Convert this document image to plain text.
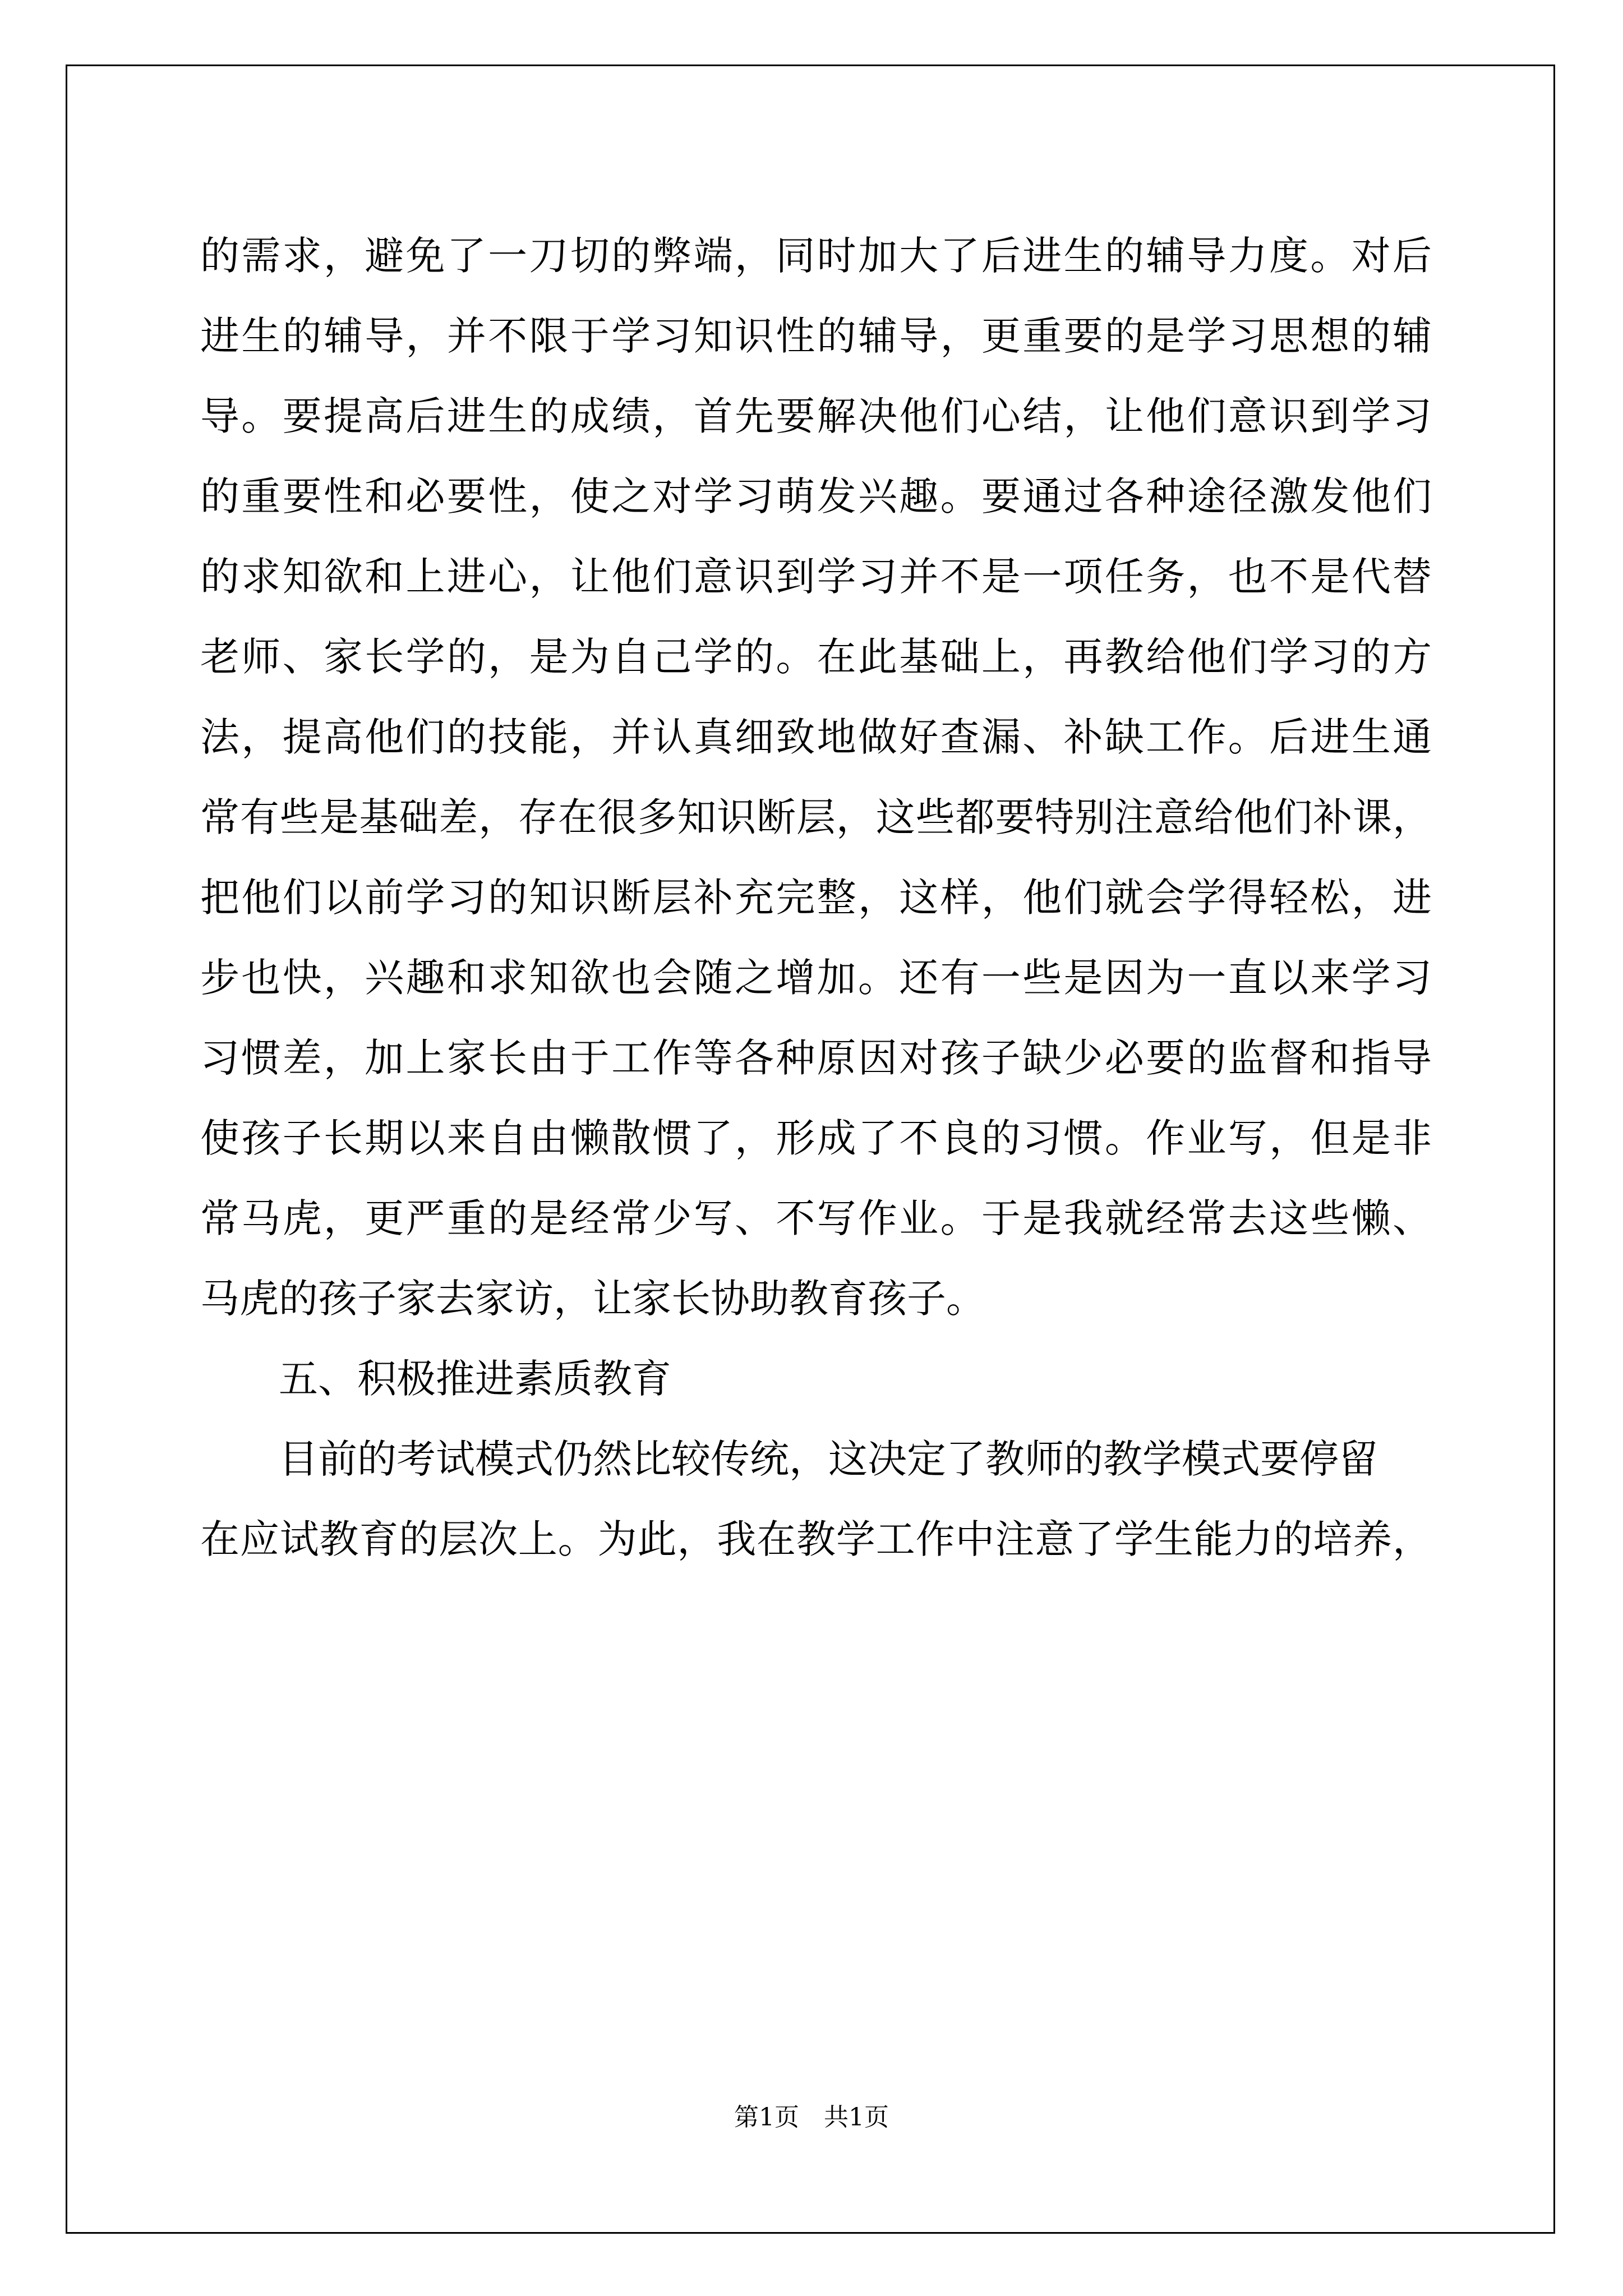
的需求，避免了一刀切的弊端，同时加大了后进生的辅导力度。对后
进生的辅导，并不限于学习知识性的辅导，更重要的是学习思想的辅
导。要提高后进生的成绩，首先要解决他们心结，让他们意识到学习
的重要性和必要性，使之对学习萌发兴趣。要通过各种途径激发他们
的求知欲和上进心，让他们意识到学习并不是一项任务，也不是代替
老师、家长学的，是为自己学的。在此基础上，再教给他们学习的方
法，提高他们的技能，并认真细致地做好查漏、补缺工作。后进生通
常有些是基础差，存在很多知识断层，这些都要特别注意给他们补课，
把他们以前学习的知识断层补充完整，这样，他们就会学得轻松，进
步也快，兴趣和求知欲也会随之增加。还有一些是因为一直以来学习
习惯差，加上家长由于工作等各种原因对孩子缺少必要的监督和指导
使孩子长期以来自由懒散惯了，形成了不良的习惯。作业写，但是非
常马虎，更严重的是经常少写、不写作业。于是我就经常去这些懒、
马虎的孩子家去家访，让家长协助教育孩子。
五、积极推进素质教育
目前的考试模式仍然比较传统，这决定了教师的教学模式要停留
在应试教育的层次上。为此，我在教学工作中注意了学生能力的培养，
第1页　共1页
